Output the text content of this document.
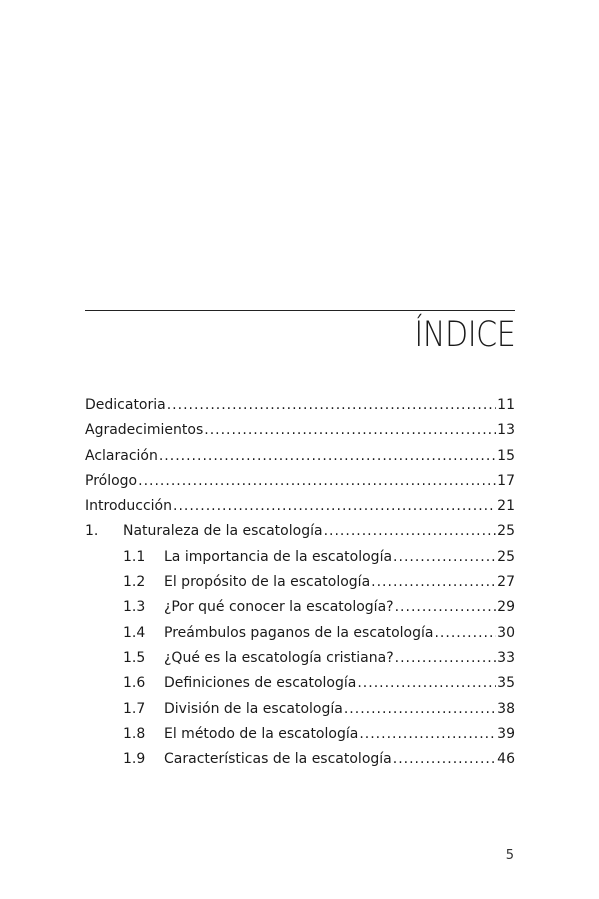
ÍNDICE
Dedicatoria .....	11
Agradecimientos .....	13
Aclaración .....	15
Prólogo .....	17
Introducción .....	21
1.	Naturaleza de la escatología .....	25
1.1	La importancia de la escatología .....	25
1.2	El propósito de la escatología .....	27
1.3	¿Por qué conocer la escatología? .....	29
1.4	Preámbulos paganos de la escatología .....	30
1.5	¿Qué es la escatología cristiana? .....	33
1.6	Definiciones de escatología .....	35
1.7	División de la escatología .....	38
1.8	El método de la escatología .....	39
1.9	Características de la escatología .....	46
5
